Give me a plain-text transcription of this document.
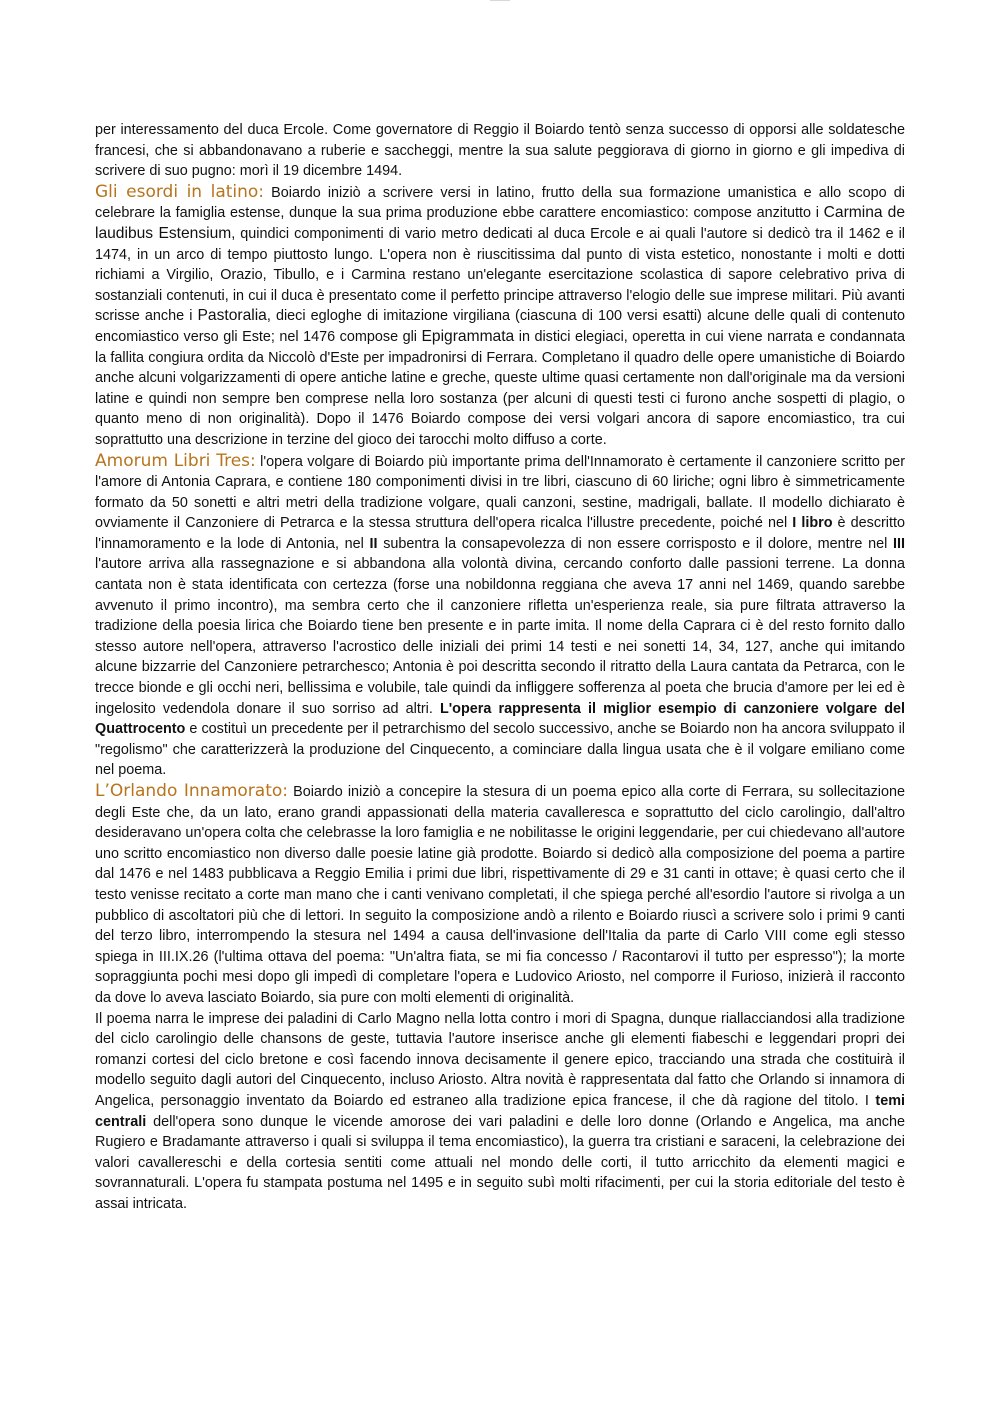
per interessamento del duca Ercole. Come governatore di Reggio il Boiardo tentò senza successo di opporsi alle soldatesche francesi, che si abbandonavano a ruberie e saccheggi, mentre la sua salute peggiorava di giorno in giorno e gli impediva di scrivere di suo pugno: morì il 19 dicembre 1494.

Gli esordi in latino: Boiardo iniziò a scrivere versi in latino, frutto della sua formazione umanistica e allo scopo di celebrare la famiglia estense, dunque la sua prima produzione ebbe carattere encomiastico: compose anzitutto i Carmina de laudibus Estensium, quindici componimenti di vario metro dedicati al duca Ercole e ai quali l'autore si dedicò tra il 1462 e il 1474, in un arco di tempo piuttosto lungo. L'opera non è riuscitissima dal punto di vista estetico, nonostante i molti e dotti richiami a Virgilio, Orazio, Tibullo, e i Carmina restano un'elegante esercitazione scolastica di sapore celebrativo priva di sostanziali contenuti, in cui il duca è presentato come il perfetto principe attraverso l'elogio delle sue imprese militari. Più avanti scrisse anche i Pastoralia, dieci egloghe di imitazione virgiliana (ciascuna di 100 versi esatti) alcune delle quali di contenuto encomiastico verso gli Este; nel 1476 compose gli Epigrammata in distici elegiaci, operetta in cui viene narrata e condannata la fallita congiura ordita da Niccolò d'Este per impadronirsi di Ferrara. Completano il quadro delle opere umanistiche di Boiardo anche alcuni volgarizzamenti di opere antiche latine e greche, queste ultime quasi certamente non dall'originale ma da versioni latine e quindi non sempre ben comprese nella loro sostanza (per alcuni di questi testi ci furono anche sospetti di plagio, o quanto meno di non originalità). Dopo il 1476 Boiardo compose dei versi volgari ancora di sapore encomiastico, tra cui soprattutto una descrizione in terzine del gioco dei tarocchi molto diffuso a corte.

Amorum Libri Tres: l'opera volgare di Boiardo più importante prima dell'Innamorato è certamente il canzoniere scritto per l'amore di Antonia Caprara, e contiene 180 componimenti divisi in tre libri, ciascuno di 60 liriche; ogni libro è simmetricamente formato da 50 sonetti e altri metri della tradizione volgare, quali canzoni, sestine, madrigali, ballate. Il modello dichiarato è ovviamente il Canzoniere di Petrarca e la stessa struttura dell'opera ricalca l'illustre precedente, poiché nel I libro è descritto l'innamoramento e la lode di Antonia, nel II subentra la consapevolezza di non essere corrisposto e il dolore, mentre nel III l'autore arriva alla rassegnazione e si abbandona alla volontà divina, cercando conforto dalle passioni terrene. La donna cantata non è stata identificata con certezza (forse una nobildonna reggiana che aveva 17 anni nel 1469, quando sarebbe avvenuto il primo incontro), ma sembra certo che il canzoniere rifletta un'esperienza reale, sia pure filtrata attraverso la tradizione della poesia lirica che Boiardo tiene ben presente e in parte imita. Il nome della Caprara ci è del resto fornito dallo stesso autore nell'opera, attraverso l'acrostico delle iniziali dei primi 14 testi e nei sonetti 14, 34, 127, anche qui imitando alcune bizzarrie del Canzoniere petrarchesco; Antonia è poi descritta secondo il ritratto della Laura cantata da Petrarca, con le trecce bionde e gli occhi neri, bellissima e volubile, tale quindi da infliggere sofferenza al poeta che brucia d'amore per lei ed è ingelosito vedendola donare il suo sorriso ad altri. L'opera rappresenta il miglior esempio di canzoniere volgare del Quattrocento e costituì un precedente per il petrarchismo del secolo successivo, anche se Boiardo non ha ancora sviluppato il "regolismo" che caratterizzerà la produzione del Cinquecento, a cominciare dalla lingua usata che è il volgare emiliano come nel poema.

L’Orlando Innamorato: Boiardo iniziò a concepire la stesura di un poema epico alla corte di Ferrara, su sollecitazione degli Este che, da un lato, erano grandi appassionati della materia cavalleresca e soprattutto del ciclo carolingio, dall'altro desideravano un'opera colta che celebrasse la loro famiglia e ne nobilitasse le origini leggendarie, per cui chiedevano all'autore uno scritto encomiastico non diverso dalle poesie latine già prodotte. Boiardo si dedicò alla composizione del poema a partire dal 1476 e nel 1483 pubblicava a Reggio Emilia i primi due libri, rispettivamente di 29 e 31 canti in ottave; è quasi certo che il testo venisse recitato a corte man mano che i canti venivano completati, il che spiega perché all'esordio l'autore si rivolga a un pubblico di ascoltatori più che di lettori. In seguito la composizione andò a rilento e Boiardo riuscì a scrivere solo i primi 9 canti del terzo libro, interrompendo la stesura nel 1494 a causa dell'invasione dell'Italia da parte di Carlo VIII come egli stesso spiega in III.IX.26 (l'ultima ottava del poema: "Un'altra fiata, se mi fia concesso / Racontarovi il tutto per espresso"); la morte sopraggiunta pochi mesi dopo gli impedì di completare l'opera e Ludovico Ariosto, nel comporre il Furioso, inizierà il racconto da dove lo aveva lasciato Boiardo, sia pure con molti elementi di originalità.

Il poema narra le imprese dei paladini di Carlo Magno nella lotta contro i mori di Spagna, dunque riallacciandosi alla tradizione del ciclo carolingio delle chansons de geste, tuttavia l'autore inserisce anche gli elementi fiabeschi e leggendari propri dei romanzi cortesi del ciclo bretone e così facendo innova decisamente il genere epico, tracciando una strada che costituirà il modello seguito dagli autori del Cinquecento, incluso Ariosto. Altra novità è rappresentata dal fatto che Orlando si innamora di Angelica, personaggio inventato da Boiardo ed estraneo alla tradizione epica francese, il che dà ragione del titolo. I temi centrali dell'opera sono dunque le vicende amorose dei vari paladini e delle loro donne (Orlando e Angelica, ma anche Rugiero e Bradamante attraverso i quali si sviluppa il tema encomiastico), la guerra tra cristiani e saraceni, la celebrazione dei valori cavallereschi e della cortesia sentiti come attuali nel mondo delle corti, il tutto arricchito da elementi magici e sovrannaturali. L'opera fu stampata postuma nel 1495 e in seguito subì molti rifacimenti, per cui la storia editoriale del testo è assai intricata.
